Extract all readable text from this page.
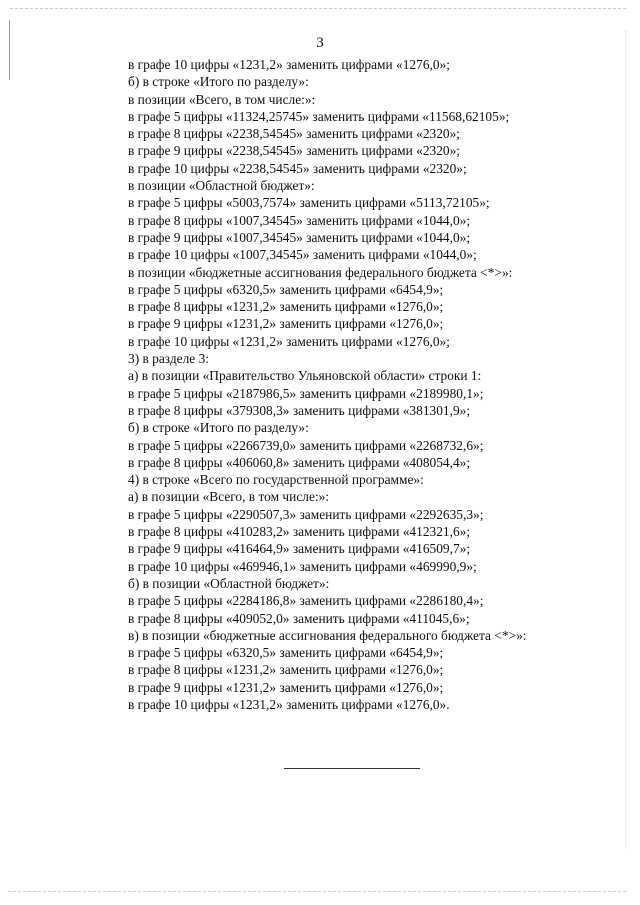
3
в графе 10 цифры «1231,2» заменить цифрами «1276,0»;
б) в строке «Итого по разделу»:
в позиции «Всего, в том числе:»:
в графе 5 цифры «11324,25745» заменить цифрами «11568,62105»;
в графе 8 цифры «2238,54545» заменить цифрами «2320»;
в графе 9 цифры «2238,54545» заменить цифрами «2320»;
в графе 10 цифры «2238,54545» заменить цифрами «2320»;
в позиции «Областной бюджет»:
в графе 5 цифры «5003,7574» заменить цифрами «5113,72105»;
в графе 8 цифры «1007,34545» заменить цифрами «1044,0»;
в графе 9 цифры «1007,34545» заменить цифрами «1044,0»;
в графе 10 цифры «1007,34545» заменить цифрами «1044,0»;
в позиции «бюджетные ассигнования федерального бюджета <*>»:
в графе 5 цифры «6320,5» заменить цифрами «6454,9»;
в графе 8 цифры «1231,2» заменить цифрами «1276,0»;
в графе 9 цифры «1231,2» заменить цифрами «1276,0»;
в графе 10 цифры «1231,2» заменить цифрами «1276,0»;
3) в разделе 3:
а) в позиции «Правительство Ульяновской области» строки 1:
в графе 5 цифры «2187986,5» заменить цифрами «2189980,1»;
в графе 8 цифры «379308,3» заменить цифрами «381301,9»;
б) в строке «Итого по разделу»:
в графе 5 цифры «2266739,0» заменить цифрами «2268732,6»;
в графе 8 цифры «406060,8» заменить цифрами «408054,4»;
4) в строке «Всего по государственной программе»:
а) в позиции «Всего, в том числе:»:
в графе 5 цифры «2290507,3» заменить цифрами «2292635,3»;
в графе 8 цифры «410283,2» заменить цифрами «412321,6»;
в графе 9 цифры «416464,9» заменить цифрами «416509,7»;
в графе 10 цифры «469946,1» заменить цифрами «469990,9»;
б) в позиции «Областной бюджет»:
в графе 5 цифры «2284186,8» заменить цифрами «2286180,4»;
в графе 8 цифры «409052,0» заменить цифрами «411045,6»;
в) в позиции «бюджетные ассигнования федерального бюджета <*>»:
в графе 5 цифры «6320,5» заменить цифрами «6454,9»;
в графе 8 цифры «1231,2» заменить цифрами «1276,0»;
в графе 9 цифры «1231,2» заменить цифрами «1276,0»;
в графе 10 цифры «1231,2» заменить цифрами «1276,0».
